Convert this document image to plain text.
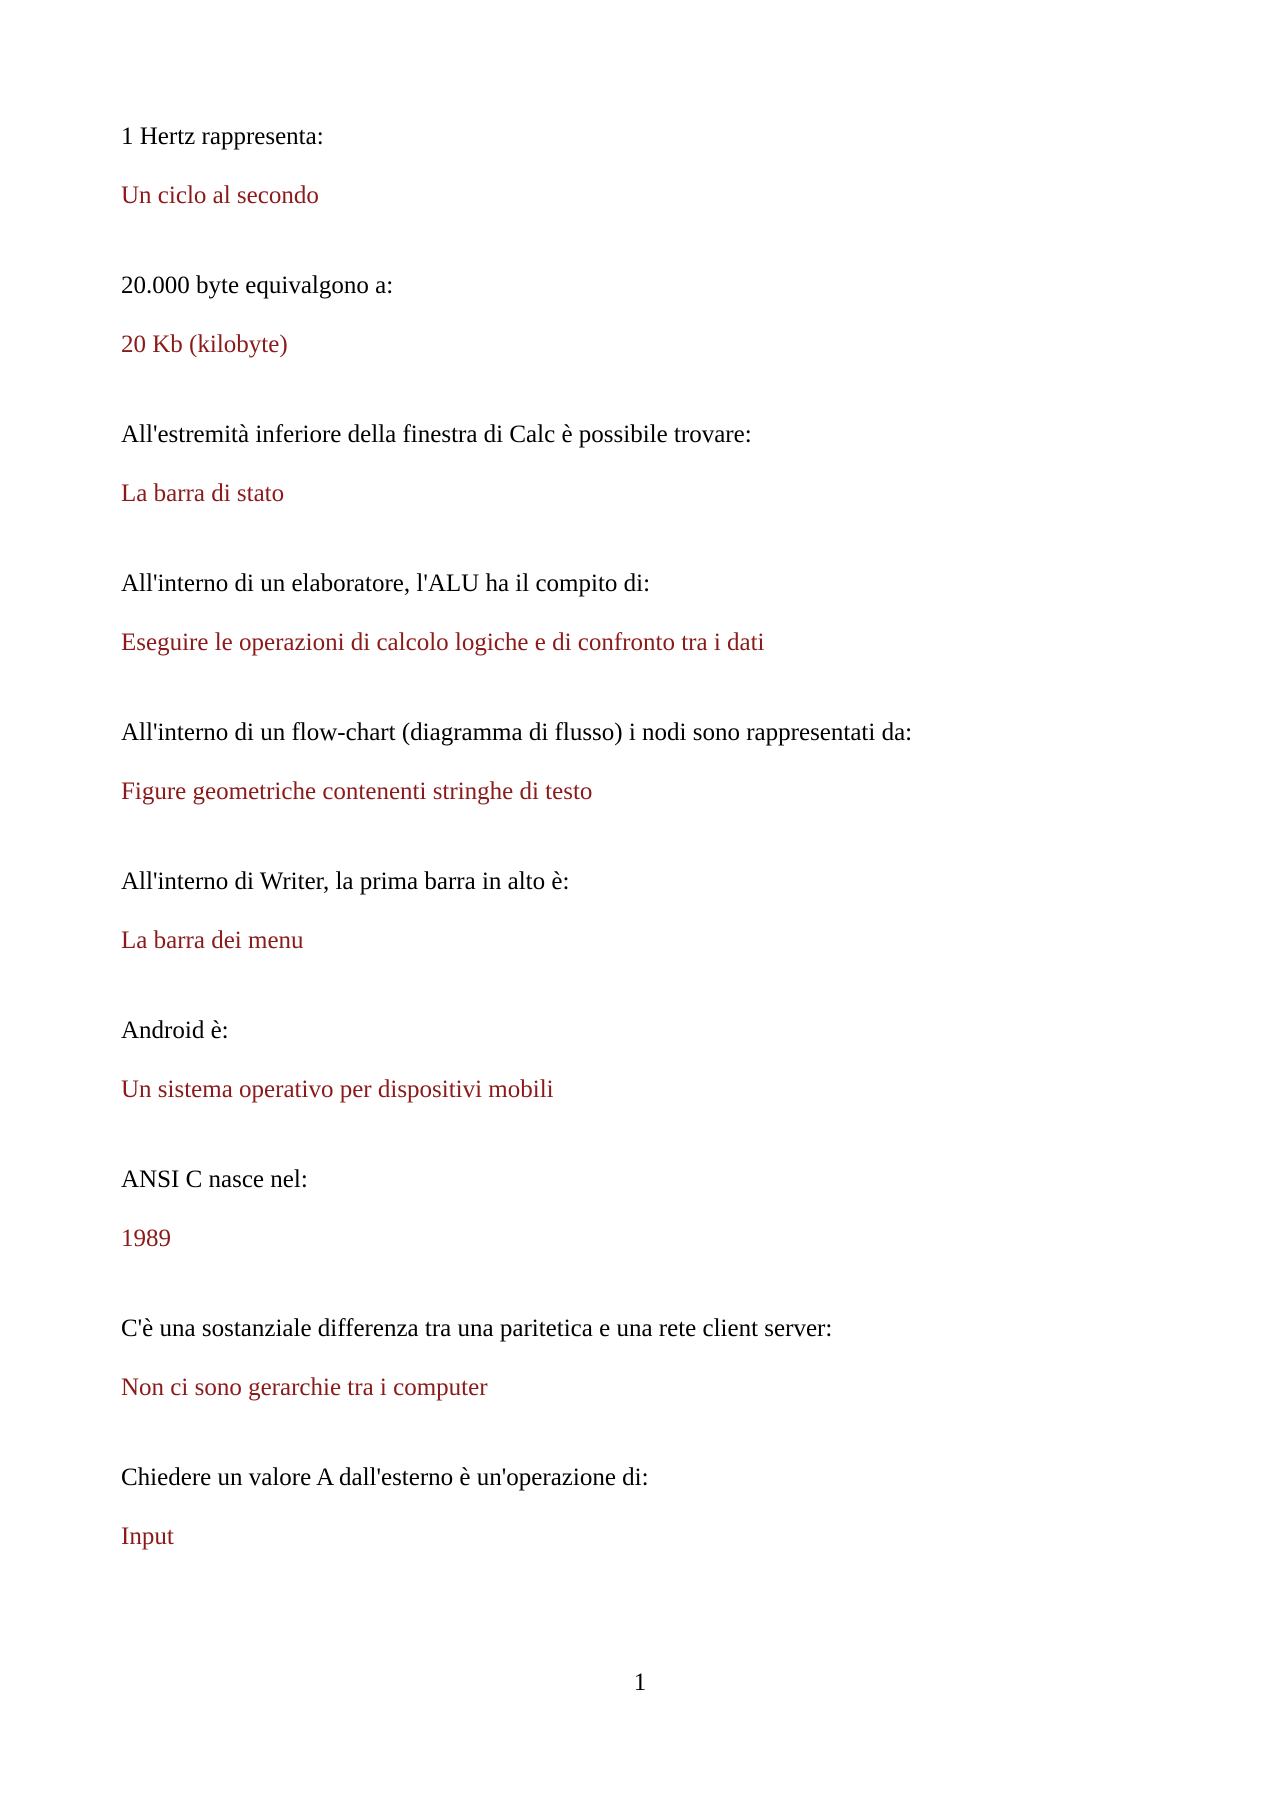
1 Hertz rappresenta:
Un ciclo al secondo
20.000 byte equivalgono a:
20 Kb (kilobyte)
All'estremità inferiore della finestra di Calc è possibile trovare:
La barra di stato
All'interno di un elaboratore, l'ALU ha il compito di:
Eseguire le operazioni di calcolo logiche e di confronto tra i dati
All'interno di un flow-chart (diagramma di flusso) i nodi sono rappresentati da:
Figure geometriche contenenti stringhe di testo
All'interno di Writer, la prima barra in alto è:
La barra dei menu
Android è:
Un sistema operativo per dispositivi mobili
ANSI C nasce nel:
1989
C'è una sostanziale differenza tra una paritetica e una rete client server:
Non ci sono gerarchie tra i computer
Chiedere un valore A dall'esterno è un'operazione di:
Input
1
